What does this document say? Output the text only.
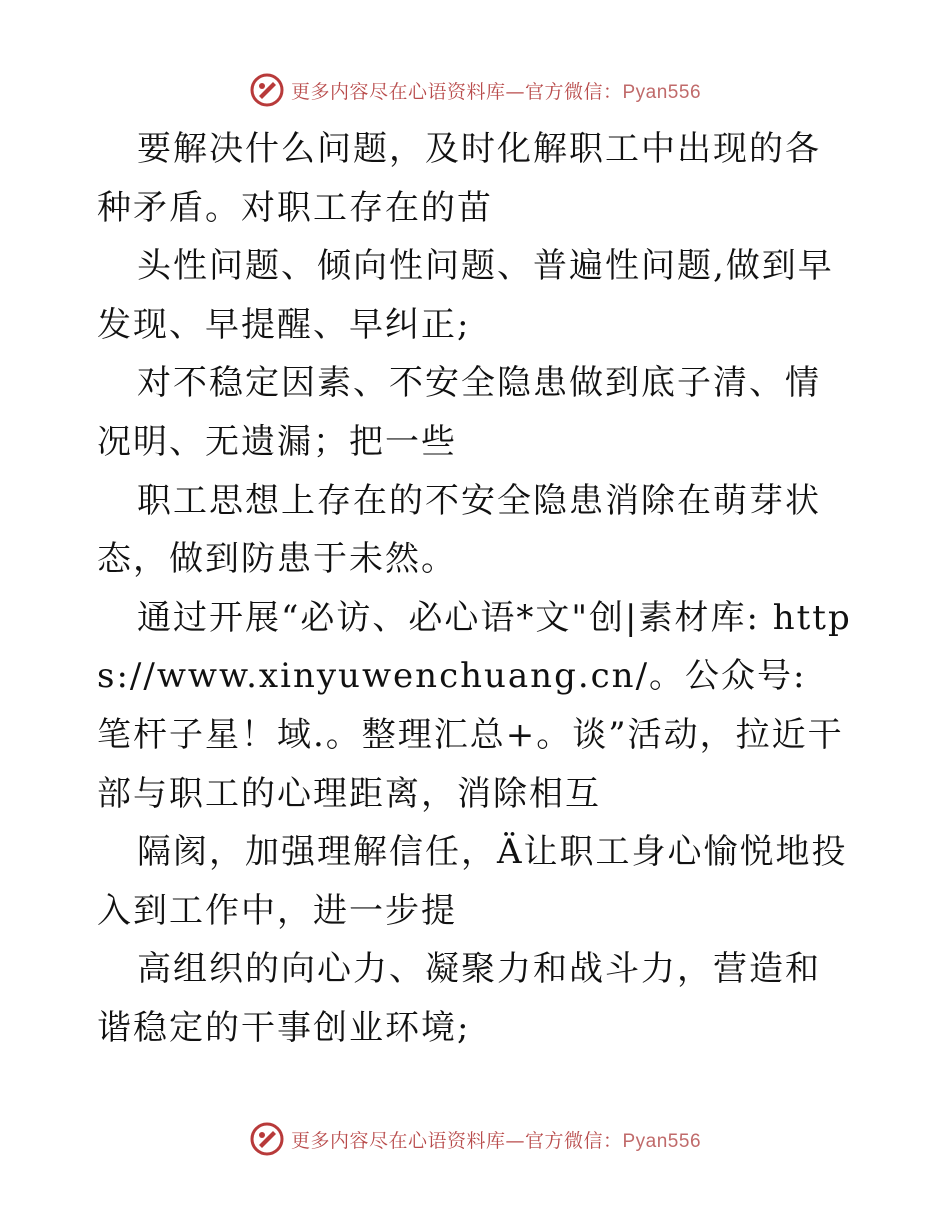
更多内容尽在心语资料库—官方微信：Pyan556

要解决什么问题，及时化解职工中出现的各种矛盾。对职工存在的苗

头性问题、倾向性问题、普遍性问题,做到早发现、早提醒、早纠正;

对不稳定因素、不安全隐患做到底子清、情况明、无遗漏；把一些

职工思想上存在的不安全隐患消除在萌芽状态，做到防患于未然。

通过开展“必访、必心语*文"创|素材库: https://www.xinyuwenchuang.cn/。公众号: 笔杆子星！域.。整理汇总+。谈”活动，拉近干部与职工的心理距离，消除相互

隔阂，加强理解信任，Ä让职工身心愉悦地投入到工作中，进一步提

高组织的向心力、凝聚力和战斗力，营造和谐稳定的干事创业环境;

更多内容尽在心语资料库—官方微信：Pyan556
